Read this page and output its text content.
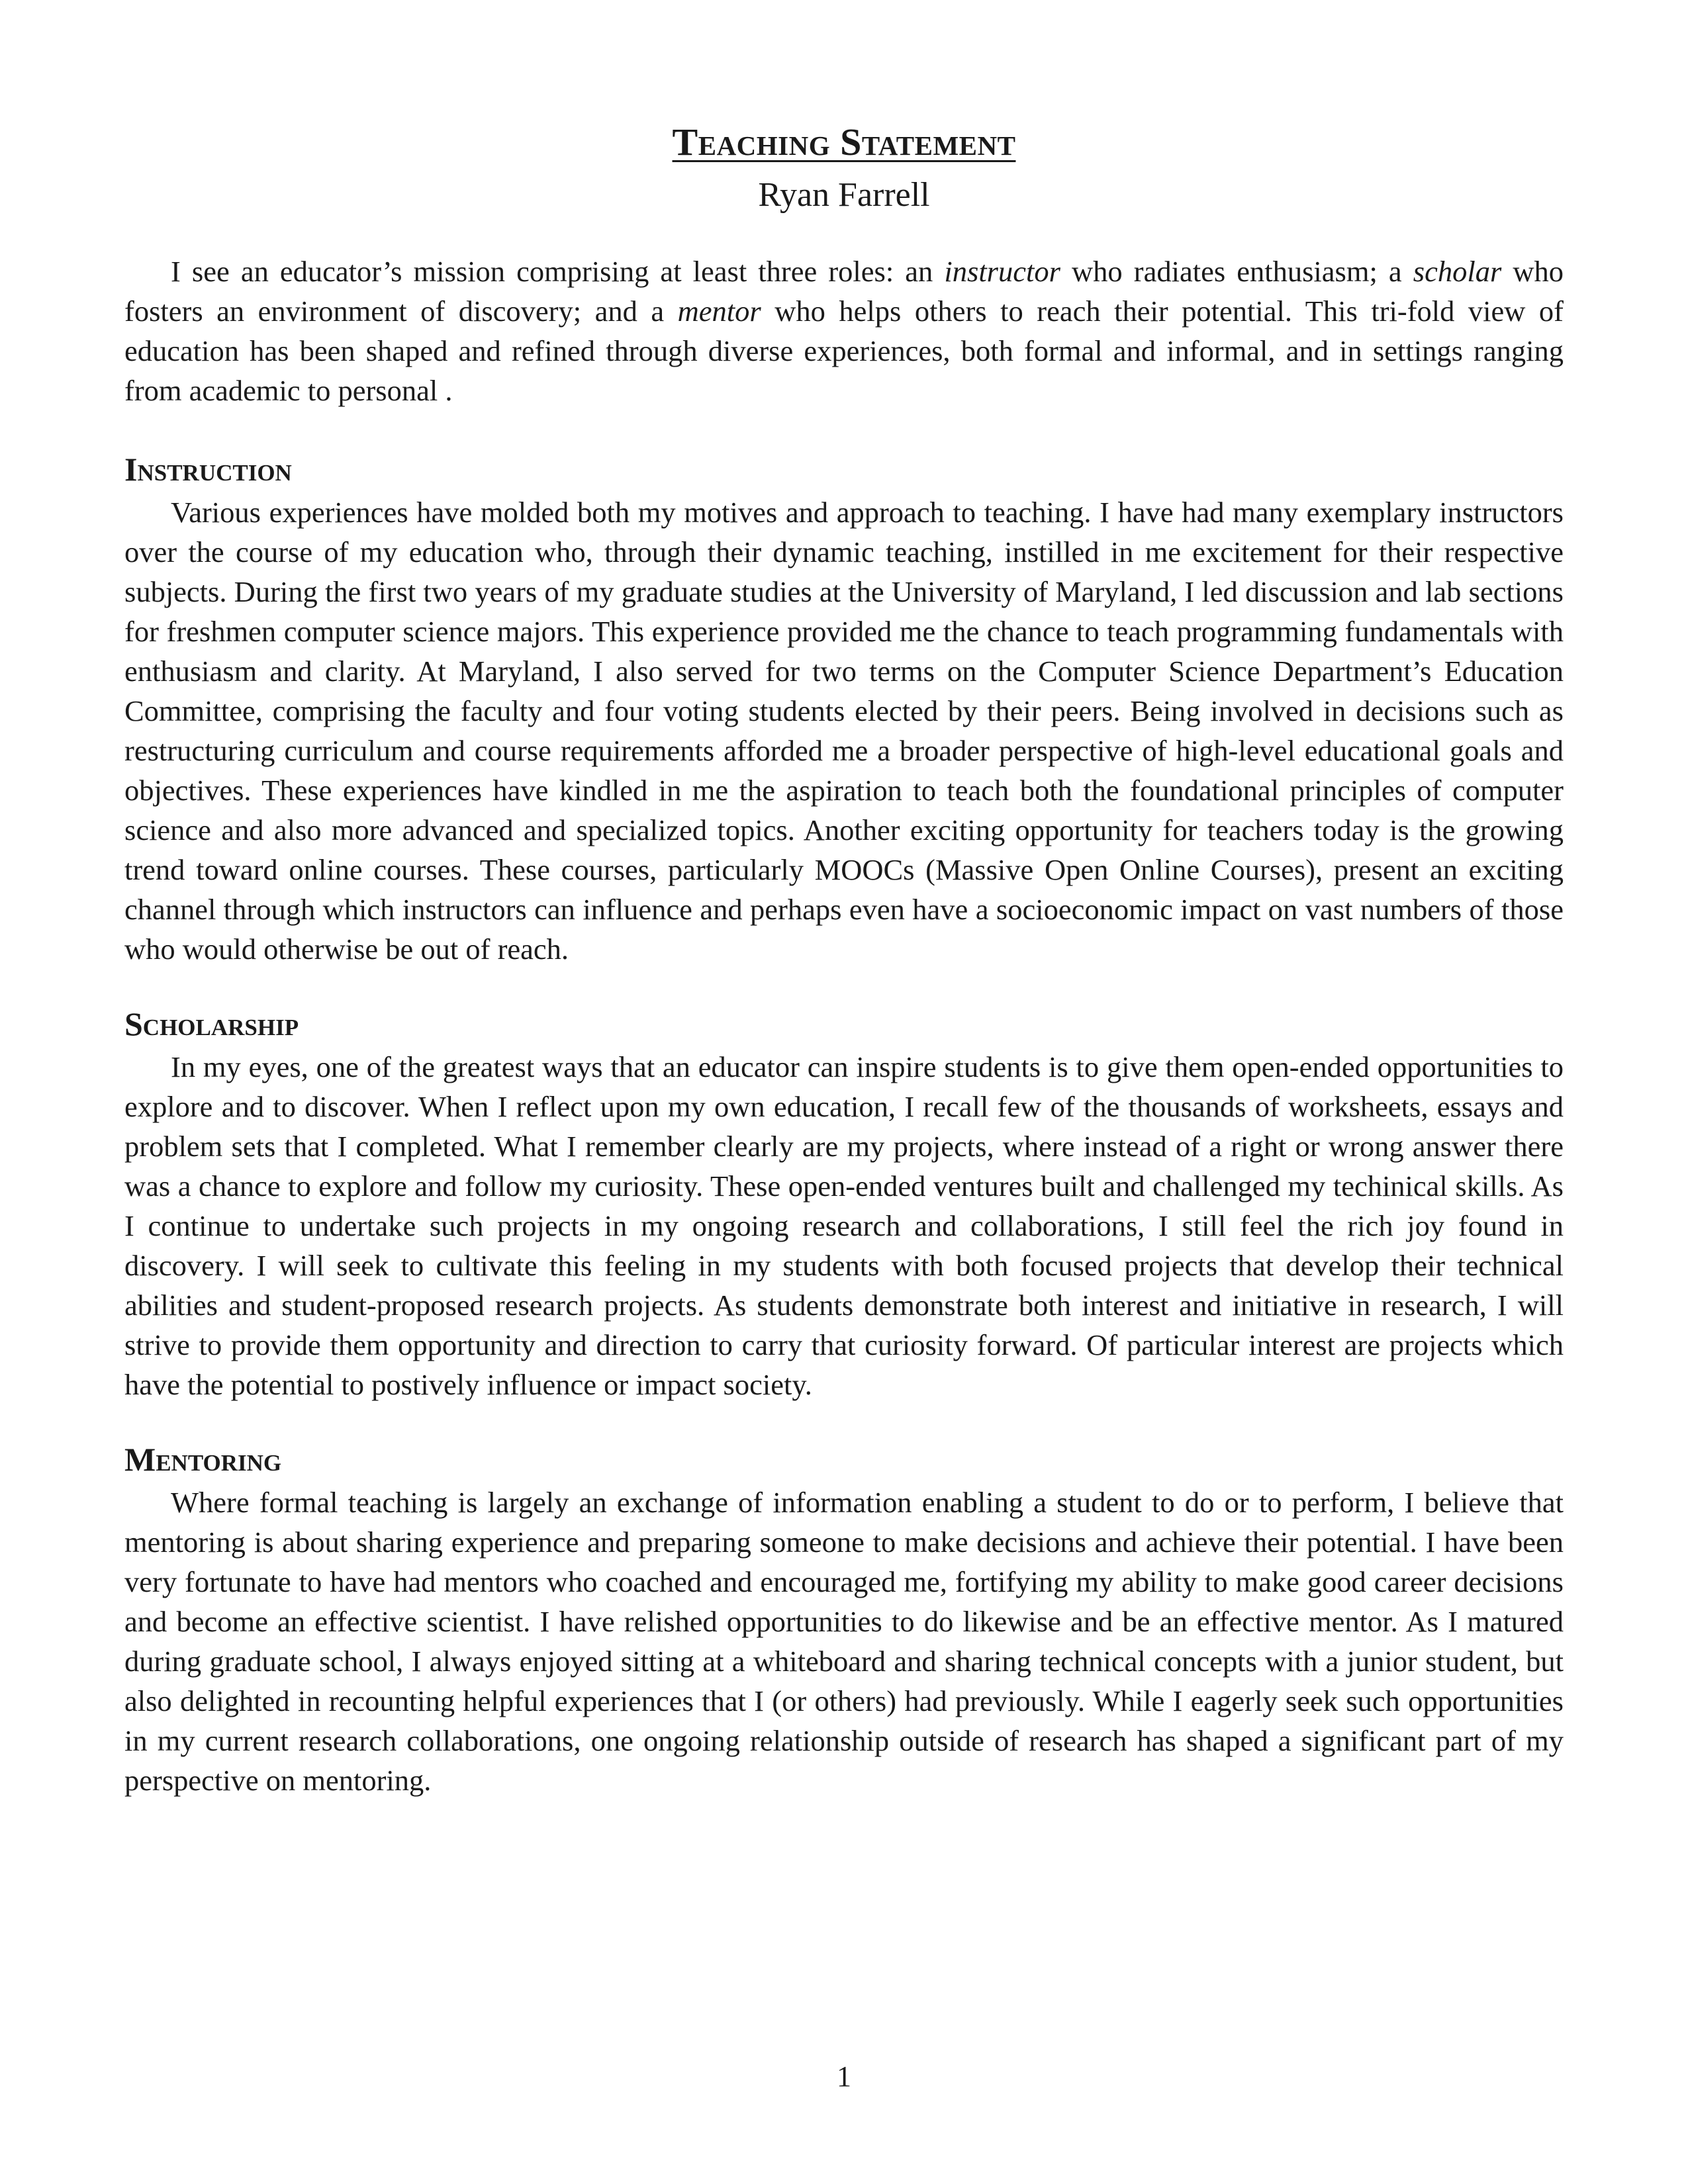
Teaching Statement
Ryan Farrell

I see an educator’s mission comprising at least three roles: an instructor who radiates enthusiasm; a scholar who fosters an environment of discovery; and a mentor who helps others to reach their potential. This tri-fold view of education has been shaped and refined through diverse experiences, both formal and informal, and in settings ranging from academic to personal .

Instruction

Various experiences have molded both my motives and approach to teaching. I have had many exemplary instructors over the course of my education who, through their dynamic teaching, instilled in me excitement for their respective subjects. During the first two years of my graduate studies at the University of Maryland, I led discussion and lab sections for freshmen computer science majors. This experience provided me the chance to teach programming fundamentals with enthusiasm and clarity. At Maryland, I also served for two terms on the Computer Science Department’s Education Committee, comprising the faculty and four voting students elected by their peers. Being involved in decisions such as restructuring curriculum and course requirements afforded me a broader perspective of high-level educational goals and objectives. These experiences have kindled in me the aspiration to teach both the foundational principles of computer science and also more advanced and specialized topics. Another exciting opportunity for teachers today is the growing trend toward online courses. These courses, particularly MOOCs (Massive Open Online Courses), present an exciting channel through which instructors can influence and perhaps even have a socioeconomic impact on vast numbers of those who would otherwise be out of reach.

Scholarship

In my eyes, one of the greatest ways that an educator can inspire students is to give them open-ended opportunities to explore and to discover. When I reflect upon my own education, I recall few of the thousands of worksheets, essays and problem sets that I completed. What I remember clearly are my projects, where instead of a right or wrong answer there was a chance to explore and follow my curiosity. These open-ended ventures built and challenged my techinical skills. As I continue to undertake such projects in my ongoing research and collaborations, I still feel the rich joy found in discovery. I will seek to cultivate this feeling in my students with both focused projects that develop their technical abilities and student-proposed research projects. As students demonstrate both interest and initiative in research, I will strive to provide them opportunity and direction to carry that curiosity forward. Of particular interest are projects which have the potential to postively influence or impact society.

Mentoring

Where formal teaching is largely an exchange of information enabling a student to do or to perform, I believe that mentoring is about sharing experience and preparing someone to make decisions and achieve their potential. I have been very fortunate to have had mentors who coached and encouraged me, fortifying my ability to make good career decisions and become an effective scientist. I have relished opportunities to do likewise and be an effective mentor. As I matured during graduate school, I always enjoyed sitting at a whiteboard and sharing technical concepts with a junior student, but also delighted in recounting helpful experiences that I (or others) had previously. While I eagerly seek such opportunities in my current research collaborations, one ongoing relationship outside of research has shaped a significant part of my perspective on mentoring.

1
